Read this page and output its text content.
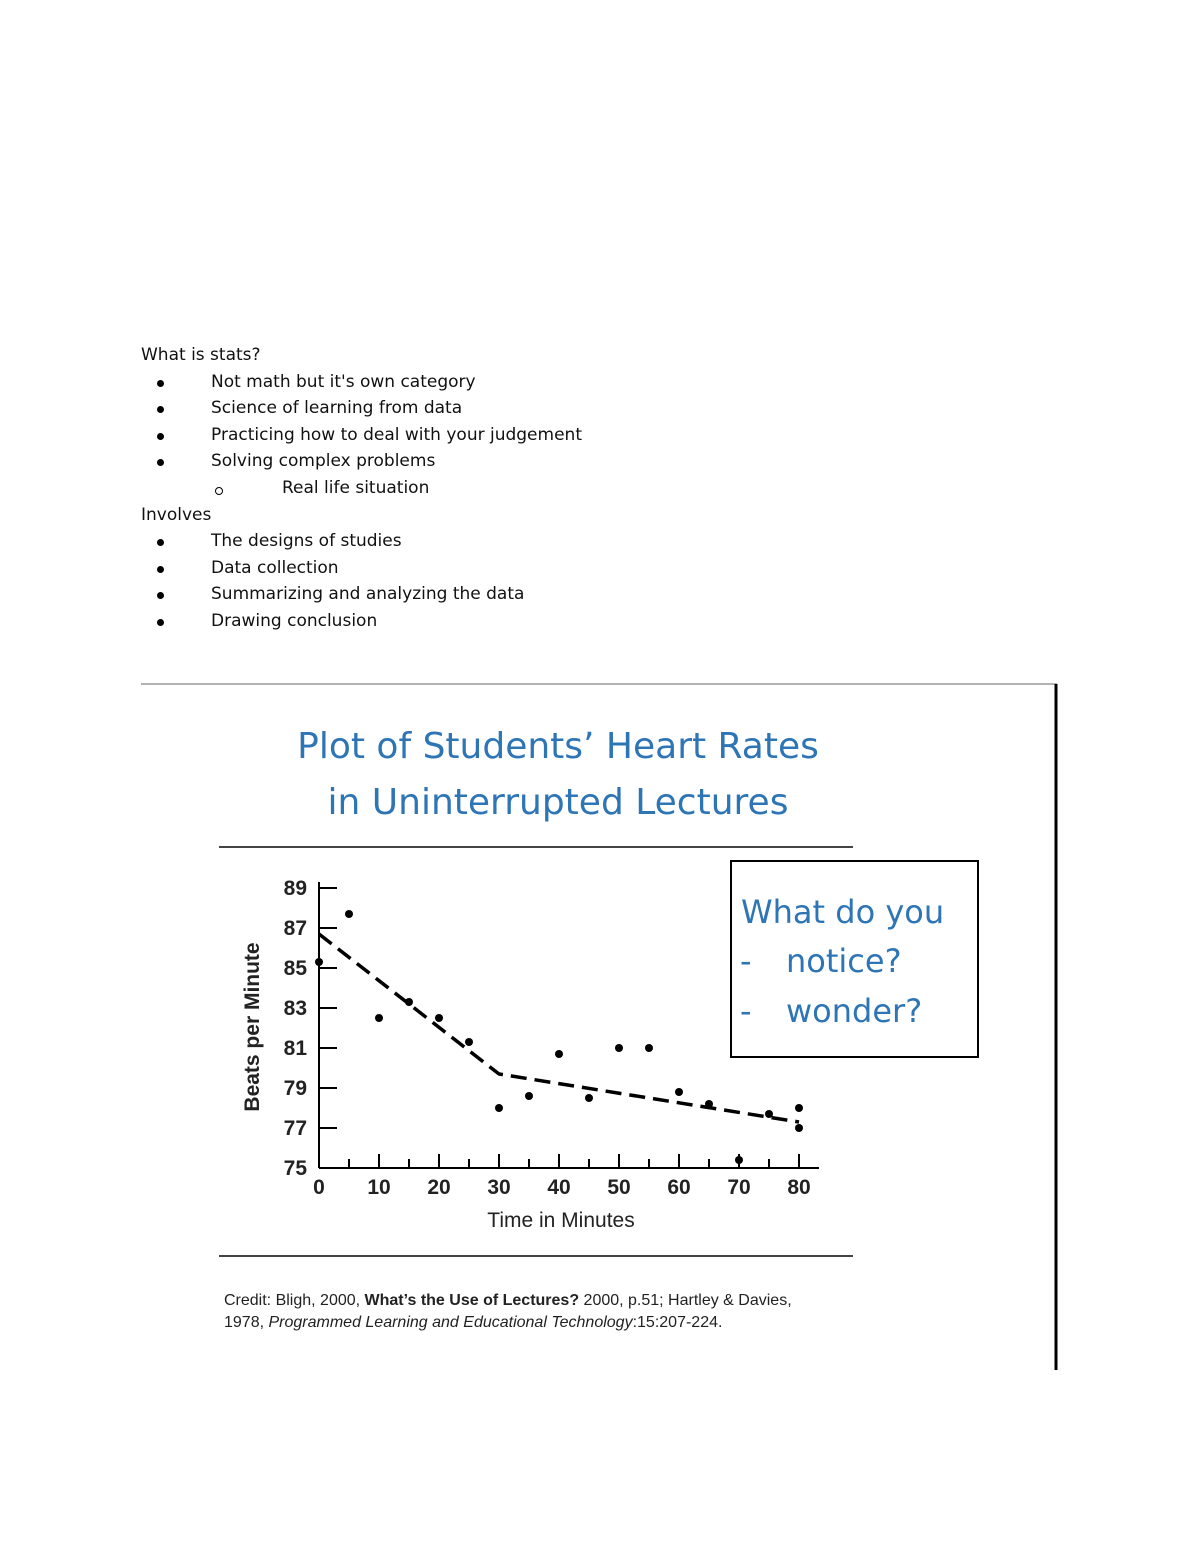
What is stats?
Not math but it's own category
Science of learning from data
Practicing how to deal with your judgement
Solving complex problems
Real life situation
Involves
The designs of studies
Data collection
Summarizing and analyzing the data
Drawing conclusion
Plot of Students’ Heart Rates
in Uninterrupted Lectures
0 10 20 30 40 50 60 70 80
89
87
85
83
81
79
77
75
Time in Minutes
Beats per Minute
What do you
- notice?
- wonder?
Credit: Bligh, 2000, What’s the Use of Lectures? 2000, p.51; Hartley & Davies,
1978, Programmed Learning and Educational Technology:15:207-224.
